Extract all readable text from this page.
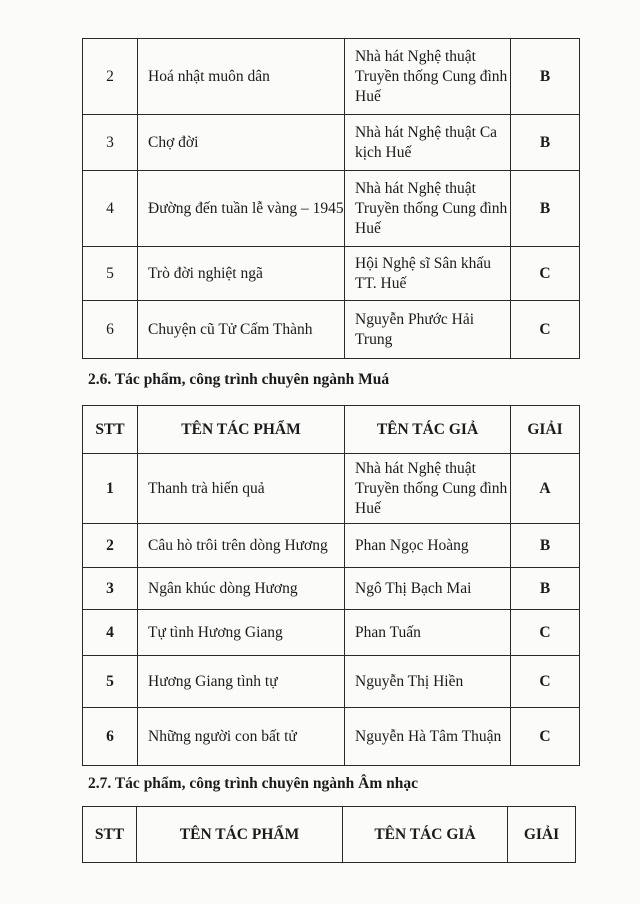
2	Hoá nhật muôn dân	Nhà hát Nghệ thuật Truyền thống Cung đình Huế	B
3	Chợ đời	Nhà hát Nghệ thuật Ca kịch Huế	B
4	Đường đến tuần lễ vàng – 1945	Nhà hát Nghệ thuật Truyền thống Cung đình Huế	B
5	Trò đời nghiệt ngã	Hội Nghệ sĩ Sân khấu TT. Huế	C
6	Chuyện cũ Tử Cấm Thành	Nguyễn Phước Hải Trung	C

2.6. Tác phẩm, công trình chuyên ngành Muá

STT	TÊN TÁC PHẨM	TÊN TÁC GIẢ	GIẢI
1	Thanh trà hiến quả	Nhà hát Nghệ thuật Truyền thống Cung đình Huế	A
2	Câu hò trôi trên dòng Hương	Phan Ngọc Hoàng	B
3	Ngân khúc dòng Hương	Ngô Thị Bạch Mai	B
4	Tự tình Hương Giang	Phan Tuấn	C
5	Hương Giang tình tự	Nguyễn Thị Hiền	C
6	Những người con bất tử	Nguyễn Hà Tâm Thuận	C

2.7. Tác phẩm, công trình chuyên ngành Âm nhạc

STT	TÊN TÁC PHẨM	TÊN TÁC GIẢ	GIẢI
